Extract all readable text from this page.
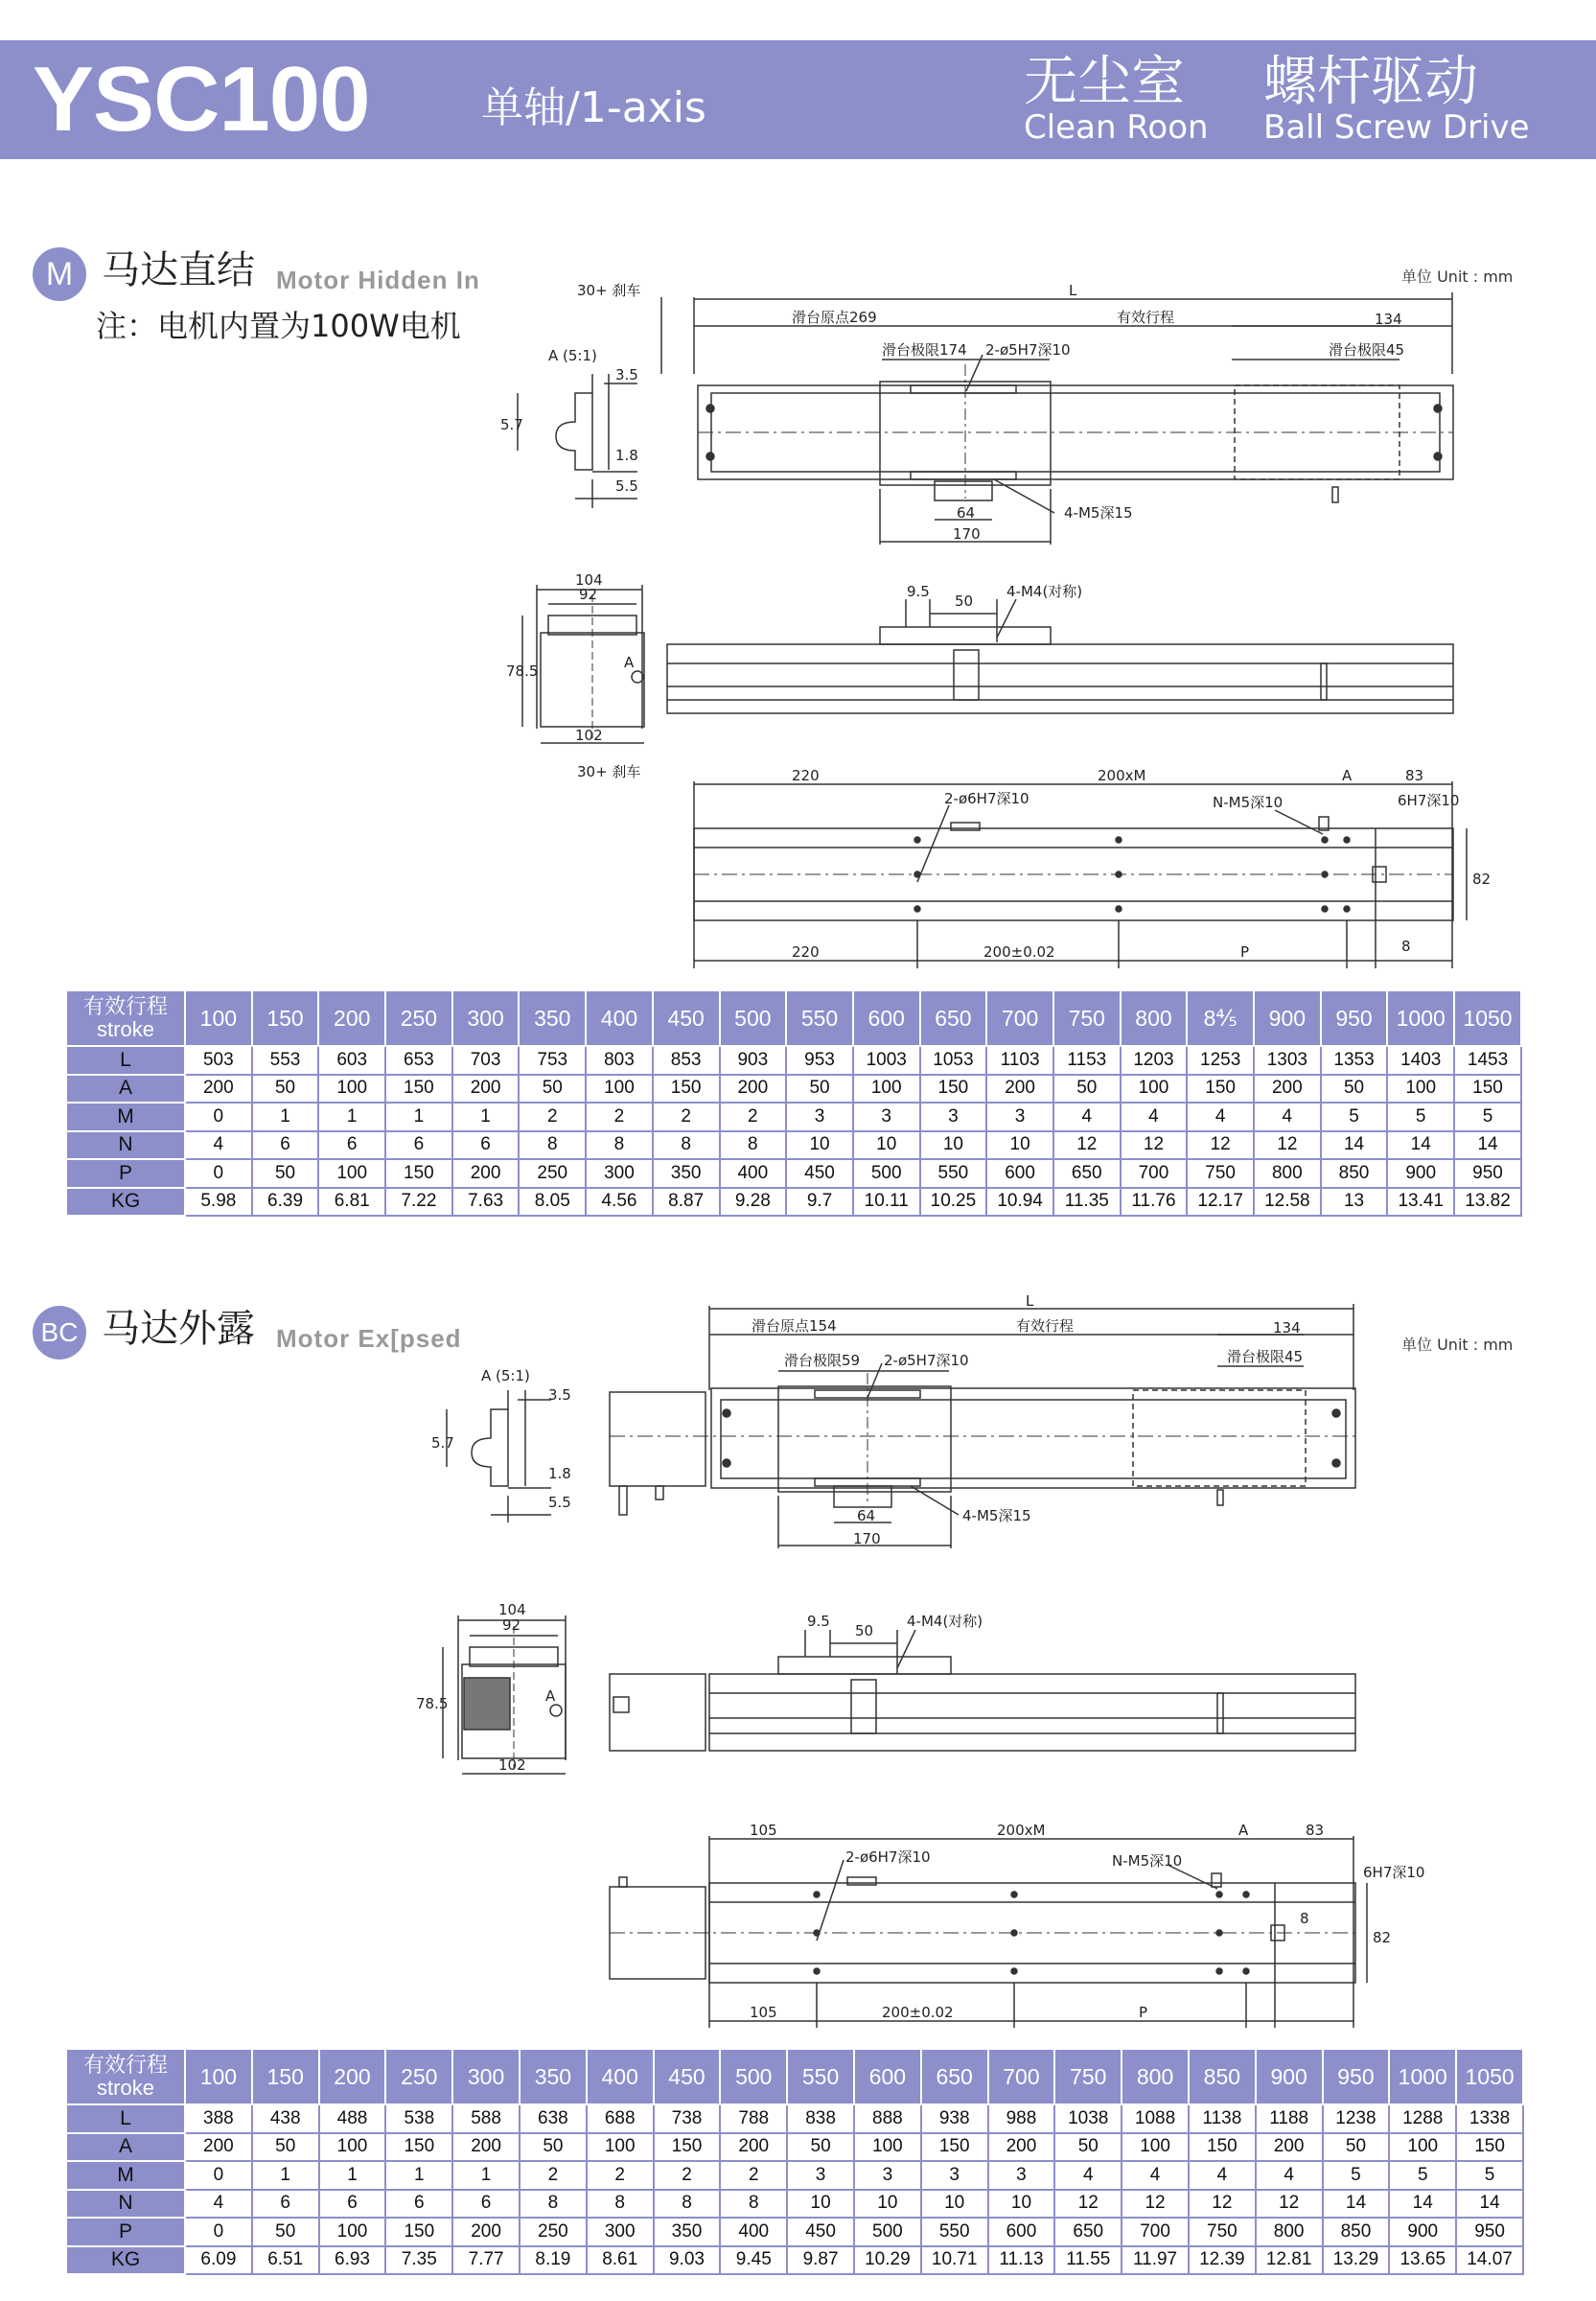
YSC100	单轴/1-axis	无尘室
Clean Roon
螺杆驱动
Ball Screw Drive
M 马达直结 Motor Hidden In
注：电机内置为100W电机
单位 Unit : mm
30+ 刹车	L
滑台原点269	有效行程	134
滑台极限174 2-ø5H7深10	滑台极限45
A (5:1)
3.5
5.7
1.8
5.5
64
170
4-M5深15
104
92
78.5
102
A
9.5
50
4-M4(对称)
30+ 刹车	220	200xM	A	83
2-ø6H7深10	N-M5深10	6H7深10
82
220	200±0.02	P	8
有效行程
stroke	100	150	200	250	300	350	400	450	500	550	600	650	700	750	800	8⅘	900	950	1000	1050
L	503	553	603	653	703	753	803	853	903	953	1003	1053	1103	1153	1203	1253	1303	1353	1403	1453
A	200	50	100	150	200	50	100	150	200	50	100	150	200	50	100	150	200	50	100	150
M	0	1	1	1	1	2	2	2	2	3	3	3	3	4	4	4	4	5	5	5
N	4	6	6	6	6	8	8	8	8	10	10	10	10	12	12	12	12	14	14	14
P	0	50	100	150	200	250	300	350	400	450	500	550	600	650	700	750	800	850	900	950
KG	5.98	6.39	6.81	7.22	7.63	8.05	4.56	8.87	9.28	9.7	10.11	10.25	10.94	11.35	11.76	12.17	12.58	13	13.41	13.82
BC 马达外露 Motor Ex[psed	单位 Unit : mm
L
滑台原点154	有效行程	134
滑台极限59 2-ø5H7深10	滑台极限45
A (5:1)
3.5
5.7
1.8
5.5
64
170
4-M5深15
104
92
78.5
102
A
9.5
50
4-M4(对称)
105	200xM	A	83
2-ø6H7深10	N-M5深10
6H7深10
8
82
105	200±0.02	P
有效行程
stroke	100	150	200	250	300	350	400	450	500	550	600	650	700	750	800	850	900	950	1000	1050
L	388	438	488	538	588	638	688	738	788	838	888	938	988	1038	1088	1138	1188	1238	1288	1338
A	200	50	100	150	200	50	100	150	200	50	100	150	200	50	100	150	200	50	100	150
M	0	1	1	1	1	2	2	2	2	3	3	3	3	4	4	4	4	5	5	5
N	4	6	6	6	6	8	8	8	8	10	10	10	10	12	12	12	12	14	14	14
P	0	50	100	150	200	250	300	350	400	450	500	550	600	650	700	750	800	850	900	950
KG	6.09	6.51	6.93	7.35	7.77	8.19	8.61	9.03	9.45	9.87	10.29	10.71	11.13	11.55	11.97	12.39	12.81	13.29	13.65	14.07
